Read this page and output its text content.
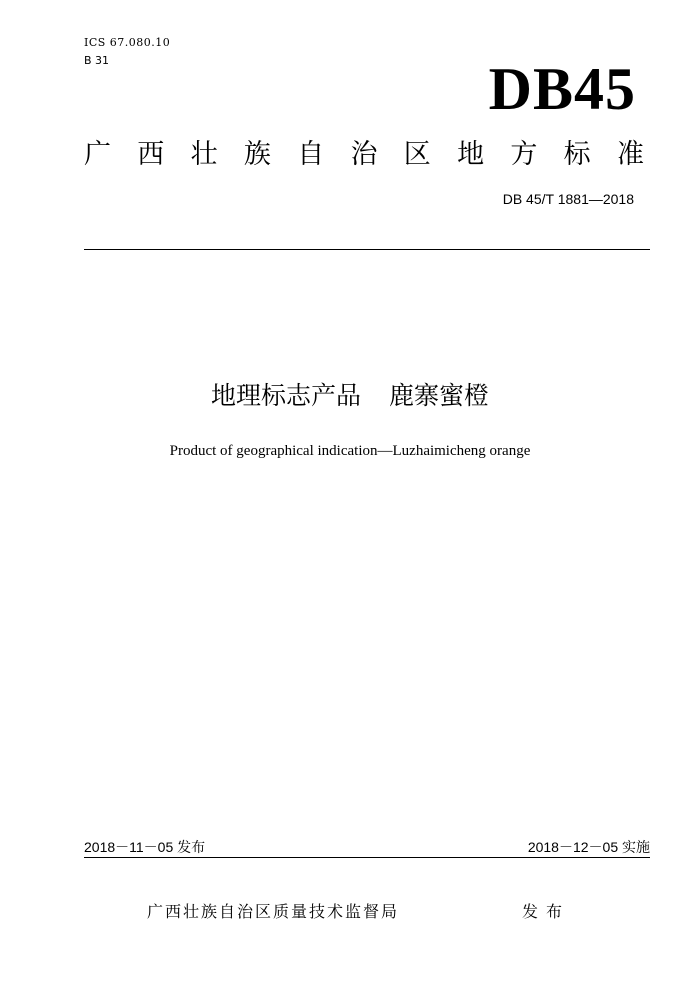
ICS 67.080.10
B 31	DB45
广 西 壮 族 自 治 区 地 方 标 准
DB 45/T 1881—2018
地理标志产品 鹿寨蜜橙
Product of geographical indication—Luzhaimicheng orange
2018－11－05 发布	2018－12－05 实施
广西壮族自治区质量技术监督局	发布
